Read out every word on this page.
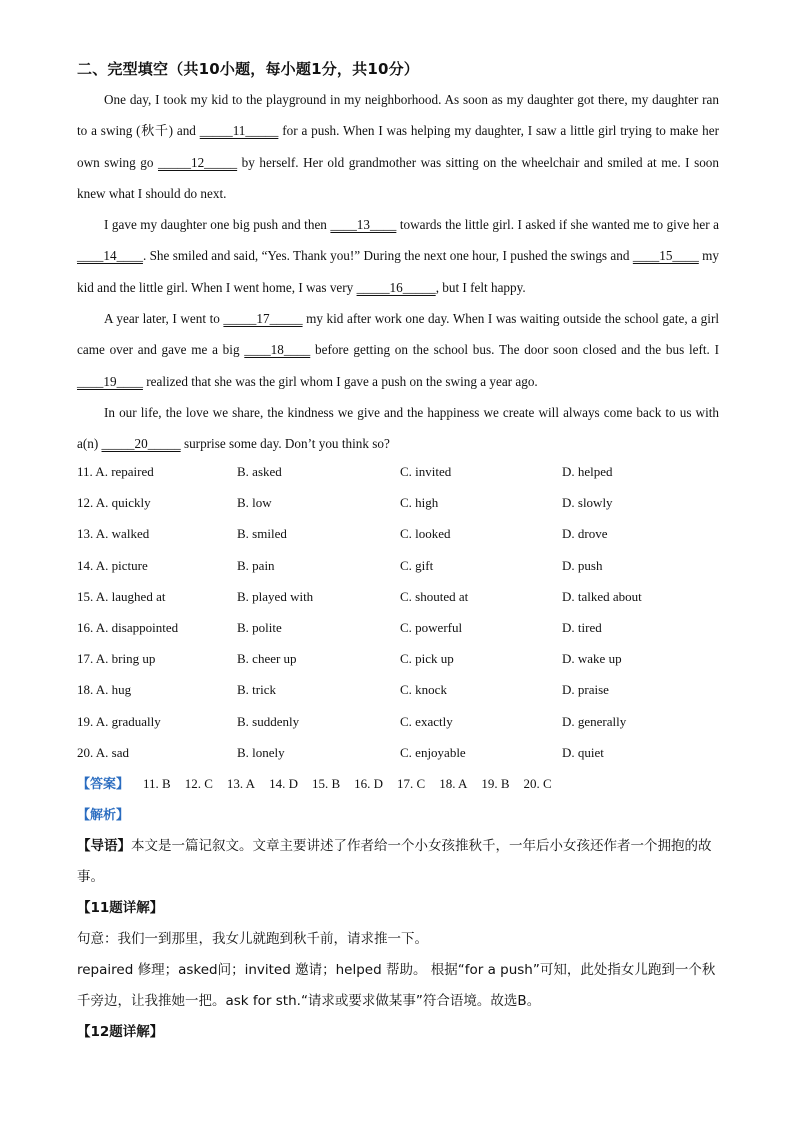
二、完型填空（共10小题，每小题1分，共10分）

One day, I took my kid to the playground in my neighborhood. As soon as my daughter got there, my daughter ran to a swing (秋千) and _____11_____ for a push. When I was helping my daughter, I saw a little girl trying to make her own swing go _____12_____ by herself. Her old grandmother was sitting on the wheelchair and smiled at me. I soon knew what I should do next.

I gave my daughter one big push and then ____13____ towards the little girl. I asked if she wanted me to give her a ____14____. She smiled and said, “Yes. Thank you!” During the next one hour, I pushed the swings and ____15____ my kid and the little girl. When I went home, I was very _____16_____, but I felt happy.

A year later, I went to _____17_____ my kid after work one day. When I was waiting outside the school gate, a girl came over and gave me a big ____18____ before getting on the school bus. The door soon closed and the bus left. I ____19____ realized that she was the girl whom I gave a push on the swing a year ago.

In our life, the love we share, the kindness we give and the happiness we create will always come back to us with a(n) _____20_____ surprise some day. Don’t you think so?

11. A. repaired	B. asked	C. invited	D. helped
12. A. quickly	B. low	C. high	D. slowly
13. A. walked	B. smiled	C. looked	D. drove
14. A. picture	B. pain	C. gift	D. push
15. A. laughed at	B. played with	C. shouted at	D. talked about
16. A. disappointed	B. polite	C. powerful	D. tired
17. A. bring up	B. cheer up	C. pick up	D. wake up
18. A. hug	B. trick	C. knock	D. praise
19. A. gradually	B. suddenly	C. exactly	D. generally
20. A. sad	B. lonely	C. enjoyable	D. quiet
【答案】 11. B 12. C 13. A 14. D 15. B 16. D 17. C 18. A 19. B 20. C

【解析】

【导语】本文是一篇记叙文。文章主要讲述了作者给一个小女孩推秋千，一年后小女孩还作者一个拥抱的故事。

【11题详解】

句意：我们一到那里，我女儿就跑到秋千前，请求推一下。

repaired 修理；asked问；invited 邀请；helped 帮助。 根据“for a push”可知，此处指女儿跑到一个秋千旁边，让我推她一把。ask for sth.“请求或要求做某事”符合语境。故选B。

【12题详解】
